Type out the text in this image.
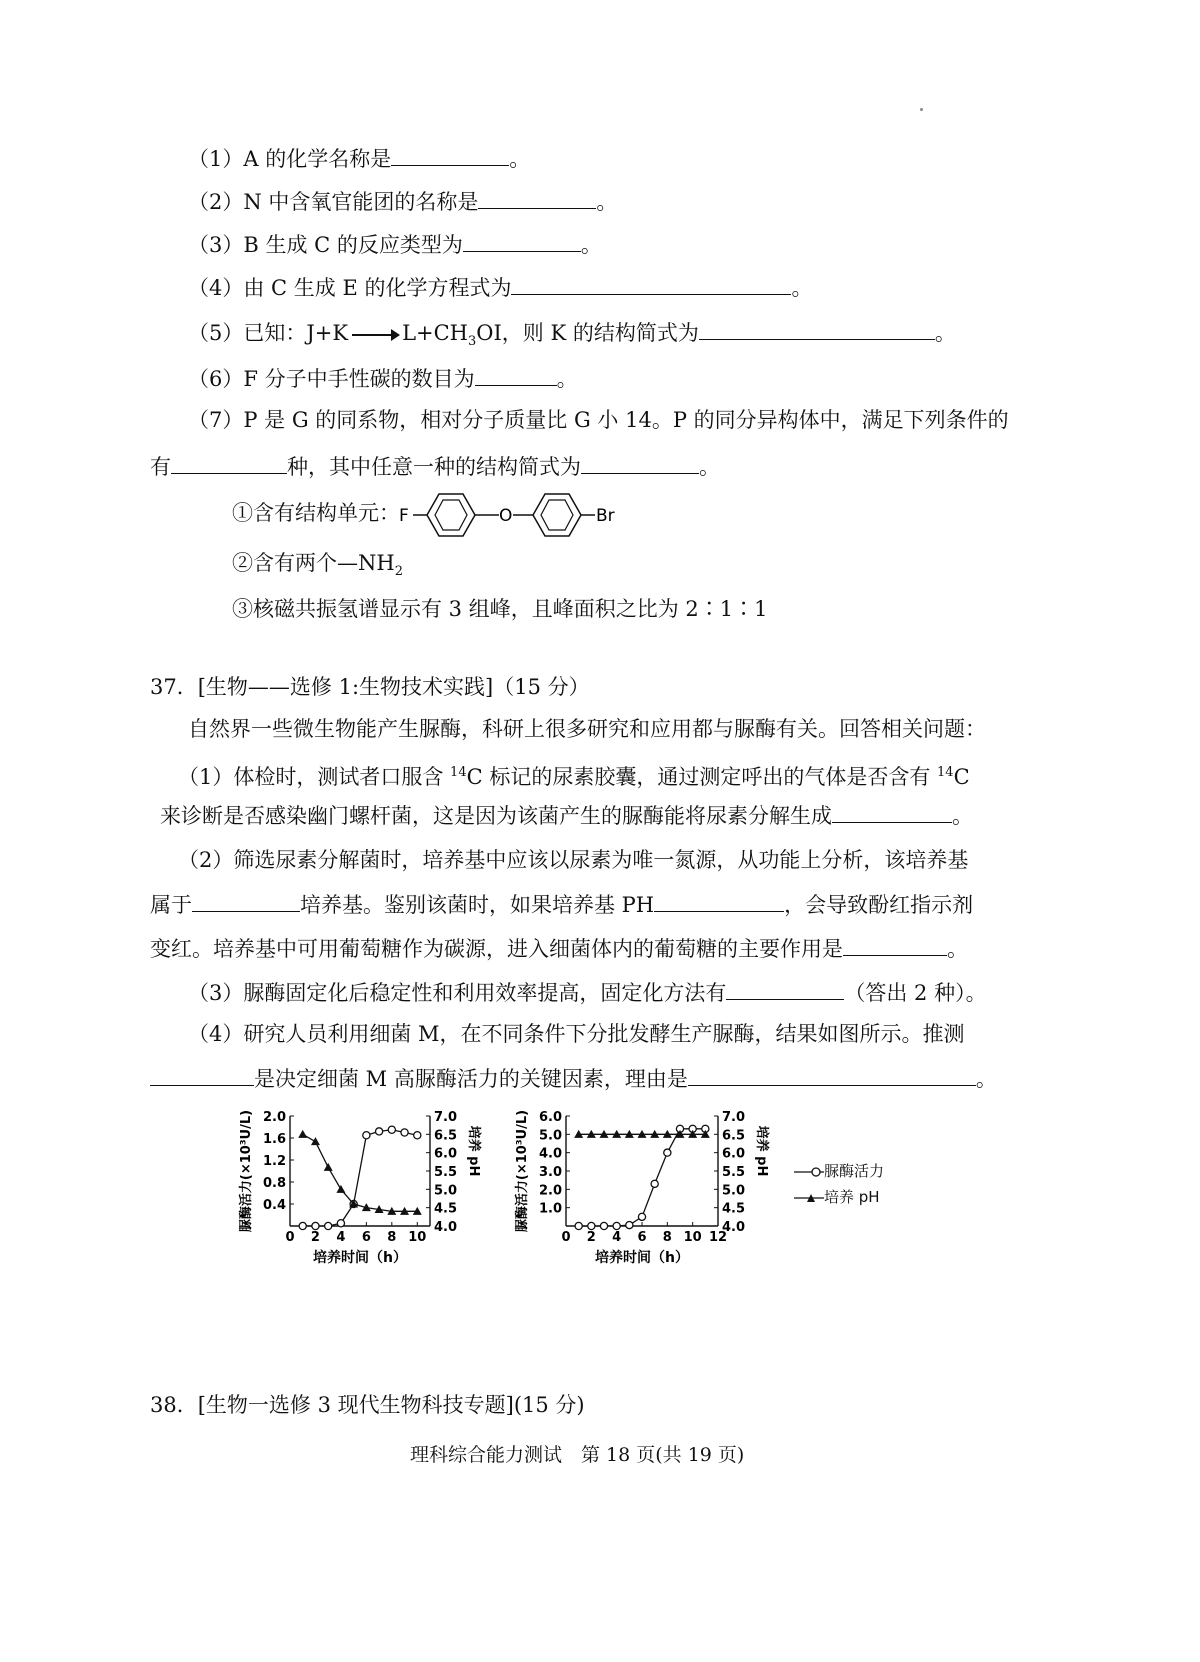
（1）A 的化学名称是	。
（2）N 中含氧官能团的名称是	。
（3）B 生成 C 的反应类型为	。
（4）由 C 生成 E 的化学方程式为	。
（5）已知：$J+K \to L+CH_3OI$，则 K 的结构简式为	。
（6）F 分子中手性碳的数目为	。
（7）P 是 G 的同系物，相对分子质量比 G 小 14。P 的同分异构体中，满足下列条件的
有	种，其中任意一种的结构简式为	。
①含有结构单元： F	O	Br
②含有两个$—NH_2$
③核磁共振氢谱显示有 3 组峰，且峰面积之比为 2∶1∶1
37．[生物——选修 1:生物技术实践]（15 分）
自然界一些微生物能产生脲酶，科研上很多研究和应用都与脲酶有关。回答相关问题：
（1）体检时，测试者口服含 $^{14}$C 标记的尿素胶囊，通过测定呼出的气体是否含有 $^{14}$C
来诊断是否感染幽门螺杆菌，这是因为该菌产生的脲酶能将尿素分解生成	。
（2）筛选尿素分解菌时，培养基中应该以尿素为唯一氮源，从功能上分析，该培养基
属于	培养基。鉴别该菌时，如果培养基 PH	，会导致酚红指示剂
变红。培养基中可用葡萄糖作为碳源，进入细菌体内的葡萄糖的主要作用是	。
（3）脲酶固定化后稳定性和利用效率提高，固定化方法有	（答出 2 种）。
（4）研究人员利用细菌 M，在不同条件下分批发酵生产脲酶，结果如图所示。推测
是决定细菌 M 高脲酶活力的关键因素，理由是	。
0 2 4 6 8 10
0.4
0.8
1.2
1.6
2.0
4.0
4.5
5.0
5.5
6.0
6.5
7.0
培养时间（h）
脲酶活力(×10³U/L)	培养 pH
0 2 4 6 8 10 12
1.0
2.0
3.0
4.0
5.0
6.0
4.0
4.5
5.0
5.5
6.0
6.5
7.0
培养时间（h）
脲酶活力(×10³U/L)	培养 pH	脲酶活力
培养 pH
38．[生物一选修 3 现代生物科技专题](15 分)
理科综合能力测试　第 18 页(共 19 页)
